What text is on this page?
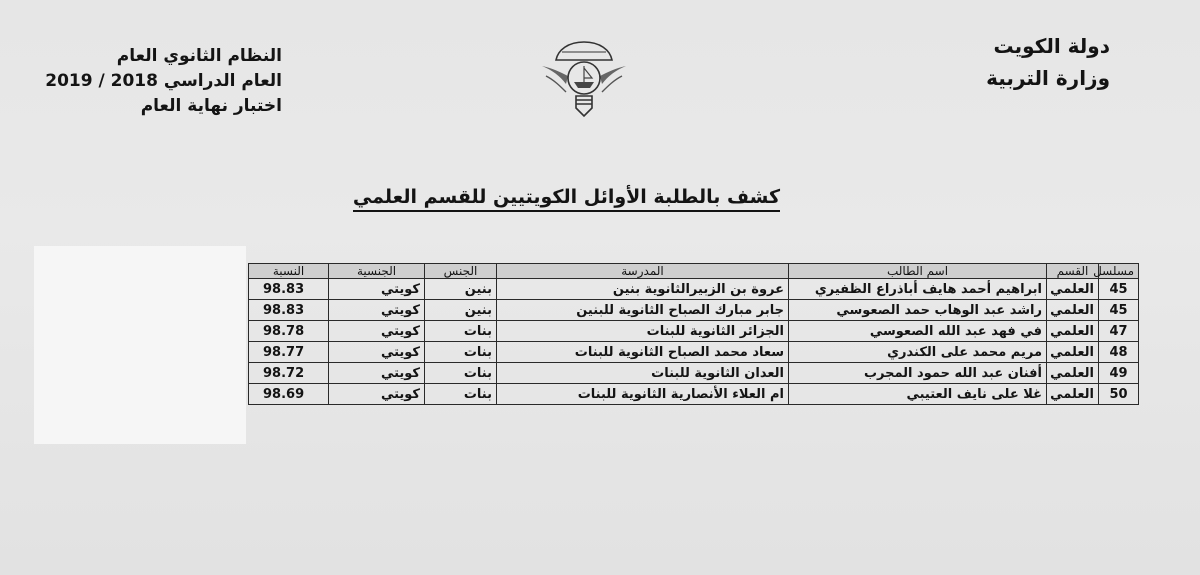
دولة الكويت
وزارة التربية
النظام الثانوي العام
العام الدراسي 2018 / 2019
اختبار نهاية العام
كشف بالطلبة الأوائل الكويتيين للقسم العلمي
مسلسل	القسم	اسم الطالب	المدرسة	الجنس	الجنسية	النسبة
45	العلمي	ابراهيم أحمد هايف أباذراع الظفيري	عروة بن الزبيرالثانوية بنين	بنين	كويتي	98.83
45	العلمي	راشد عبد الوهاب حمد الصعوسي	جابر مبارك الصباح الثانوية للبنين	بنين	كويتي	98.83
47	العلمي	في فهد عبد الله الصعوسي	الجزائر الثانوية للبنات	بنات	كويتي	98.78
48	العلمي	مريم محمد على الكندري	سعاد محمد الصباح الثانوية للبنات	بنات	كويتي	98.77
49	العلمي	أفنان عبد الله حمود المجرب	العدان الثانوية للبنات	بنات	كويتي	98.72
50	العلمي	غلا على نايف العتيبي	ام العلاء الأنصارية الثانوية للبنات	بنات	كويتي	98.69
